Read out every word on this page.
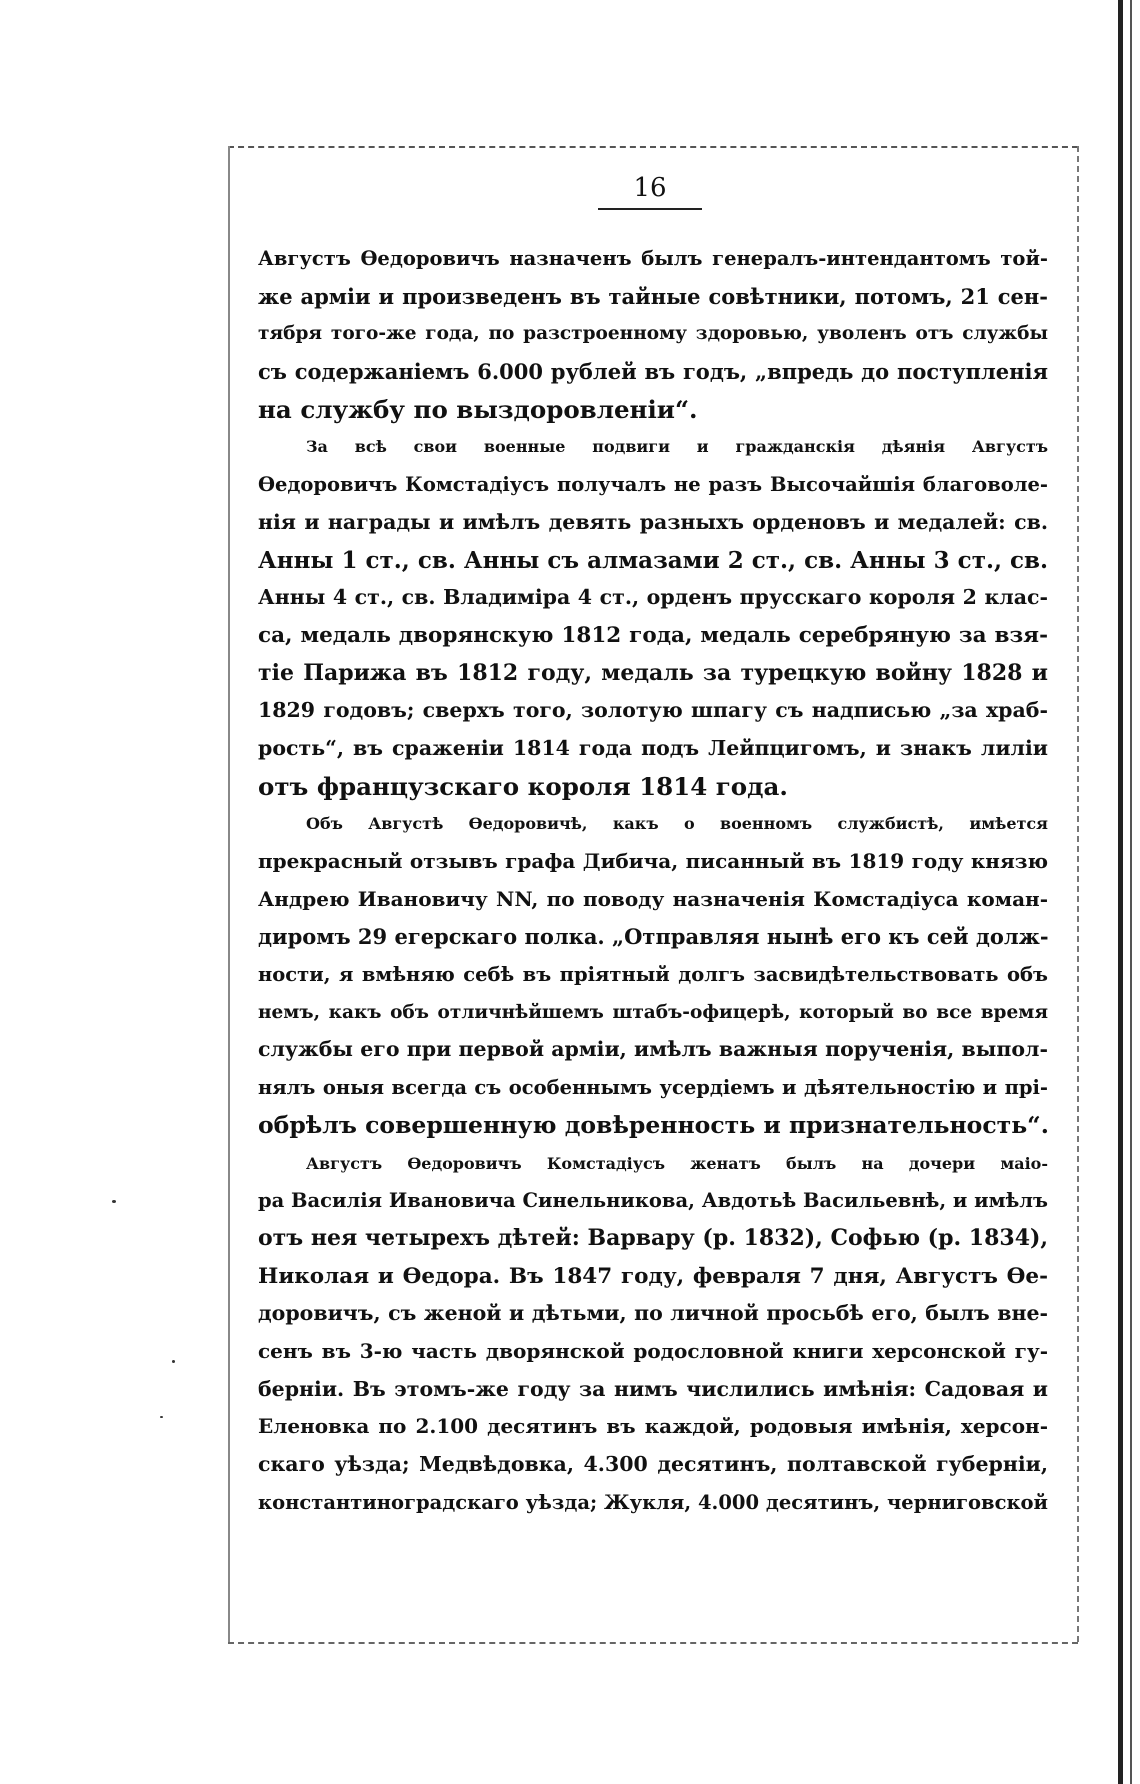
16
Августъ Өедоровичъ назначенъ былъ генералъ-интендантомъ той-
же арміи и произведенъ въ тайные совѣтники, потомъ, 21 сен-
тября того-же года, по разстроенному здоровью, уволенъ отъ службы
съ содержаніемъ 6.000 рублей въ годъ, „впредь до поступленія
на службу по выздоровленіи“.
За всѣ свои военные подвиги и гражданскія дѣянія Августъ
Өедоровичъ Комстадіусъ получалъ не разъ Высочайшія благоволе-
нія и награды и имѣлъ девять разныхъ орденовъ и медалей: св.
Анны 1 ст., св. Анны съ алмазами 2 ст., св. Анны 3 ст., св.
Анны 4 ст., св. Владиміра 4 ст., орденъ прусскаго короля 2 клас-
са, медаль дворянскую 1812 года, медаль серебряную за взя-
тіе Парижа въ 1812 году, медаль за турецкую войну 1828 и
1829 годовъ; сверхъ того, золотую шпагу съ надписью „за храб-
рость“, въ сраженіи 1814 года подъ Лейпцигомъ, и знакъ лиліи
отъ французскаго короля 1814 года.
Объ Августѣ Өедоровичѣ, какъ о военномъ службистѣ, имѣется
прекрасный отзывъ графа Дибича, писанный въ 1819 году князю
Андрею Ивановичу NN, по поводу назначенія Комстадіуса коман-
диромъ 29 егерскаго полка. „Отправляя нынѣ его къ сей долж-
ности, я вмѣняю себѣ въ пріятный долгъ засвидѣтельствовать объ
немъ, какъ объ отличнѣйшемъ штабъ-офицерѣ, который во все время
службы его при первой арміи, имѣлъ важныя порученія, выпол-
нялъ оныя всегда съ особеннымъ усердіемъ и дѣятельностію и прі-
обрѣлъ совершенную довѣренность и признательность“.
Августъ Өедоровичъ Комстадіусъ женатъ былъ на дочери маіо-
ра Василія Ивановича Синельникова, Авдотьѣ Васильевнѣ, и имѣлъ
отъ нея четырехъ дѣтей: Варвару (р. 1832), Софью (р. 1834),
Николая и Өедора. Въ 1847 году, февраля 7 дня, Августъ Өе-
доровичъ, съ женой и дѣтьми, по личной просьбѣ его, былъ вне-
сенъ въ 3-ю часть дворянской родословной книги херсонской гу-
берніи. Въ этомъ-же году за нимъ числились имѣнія: Садовая и
Еленовка по 2.100 десятинъ въ каждой, родовыя имѣнія, херсон-
скаго уѣзда; Медвѣдовка, 4.300 десятинъ, полтавской губерніи,
константиноградскаго уѣзда; Жукля, 4.000 десятинъ, черниговской
